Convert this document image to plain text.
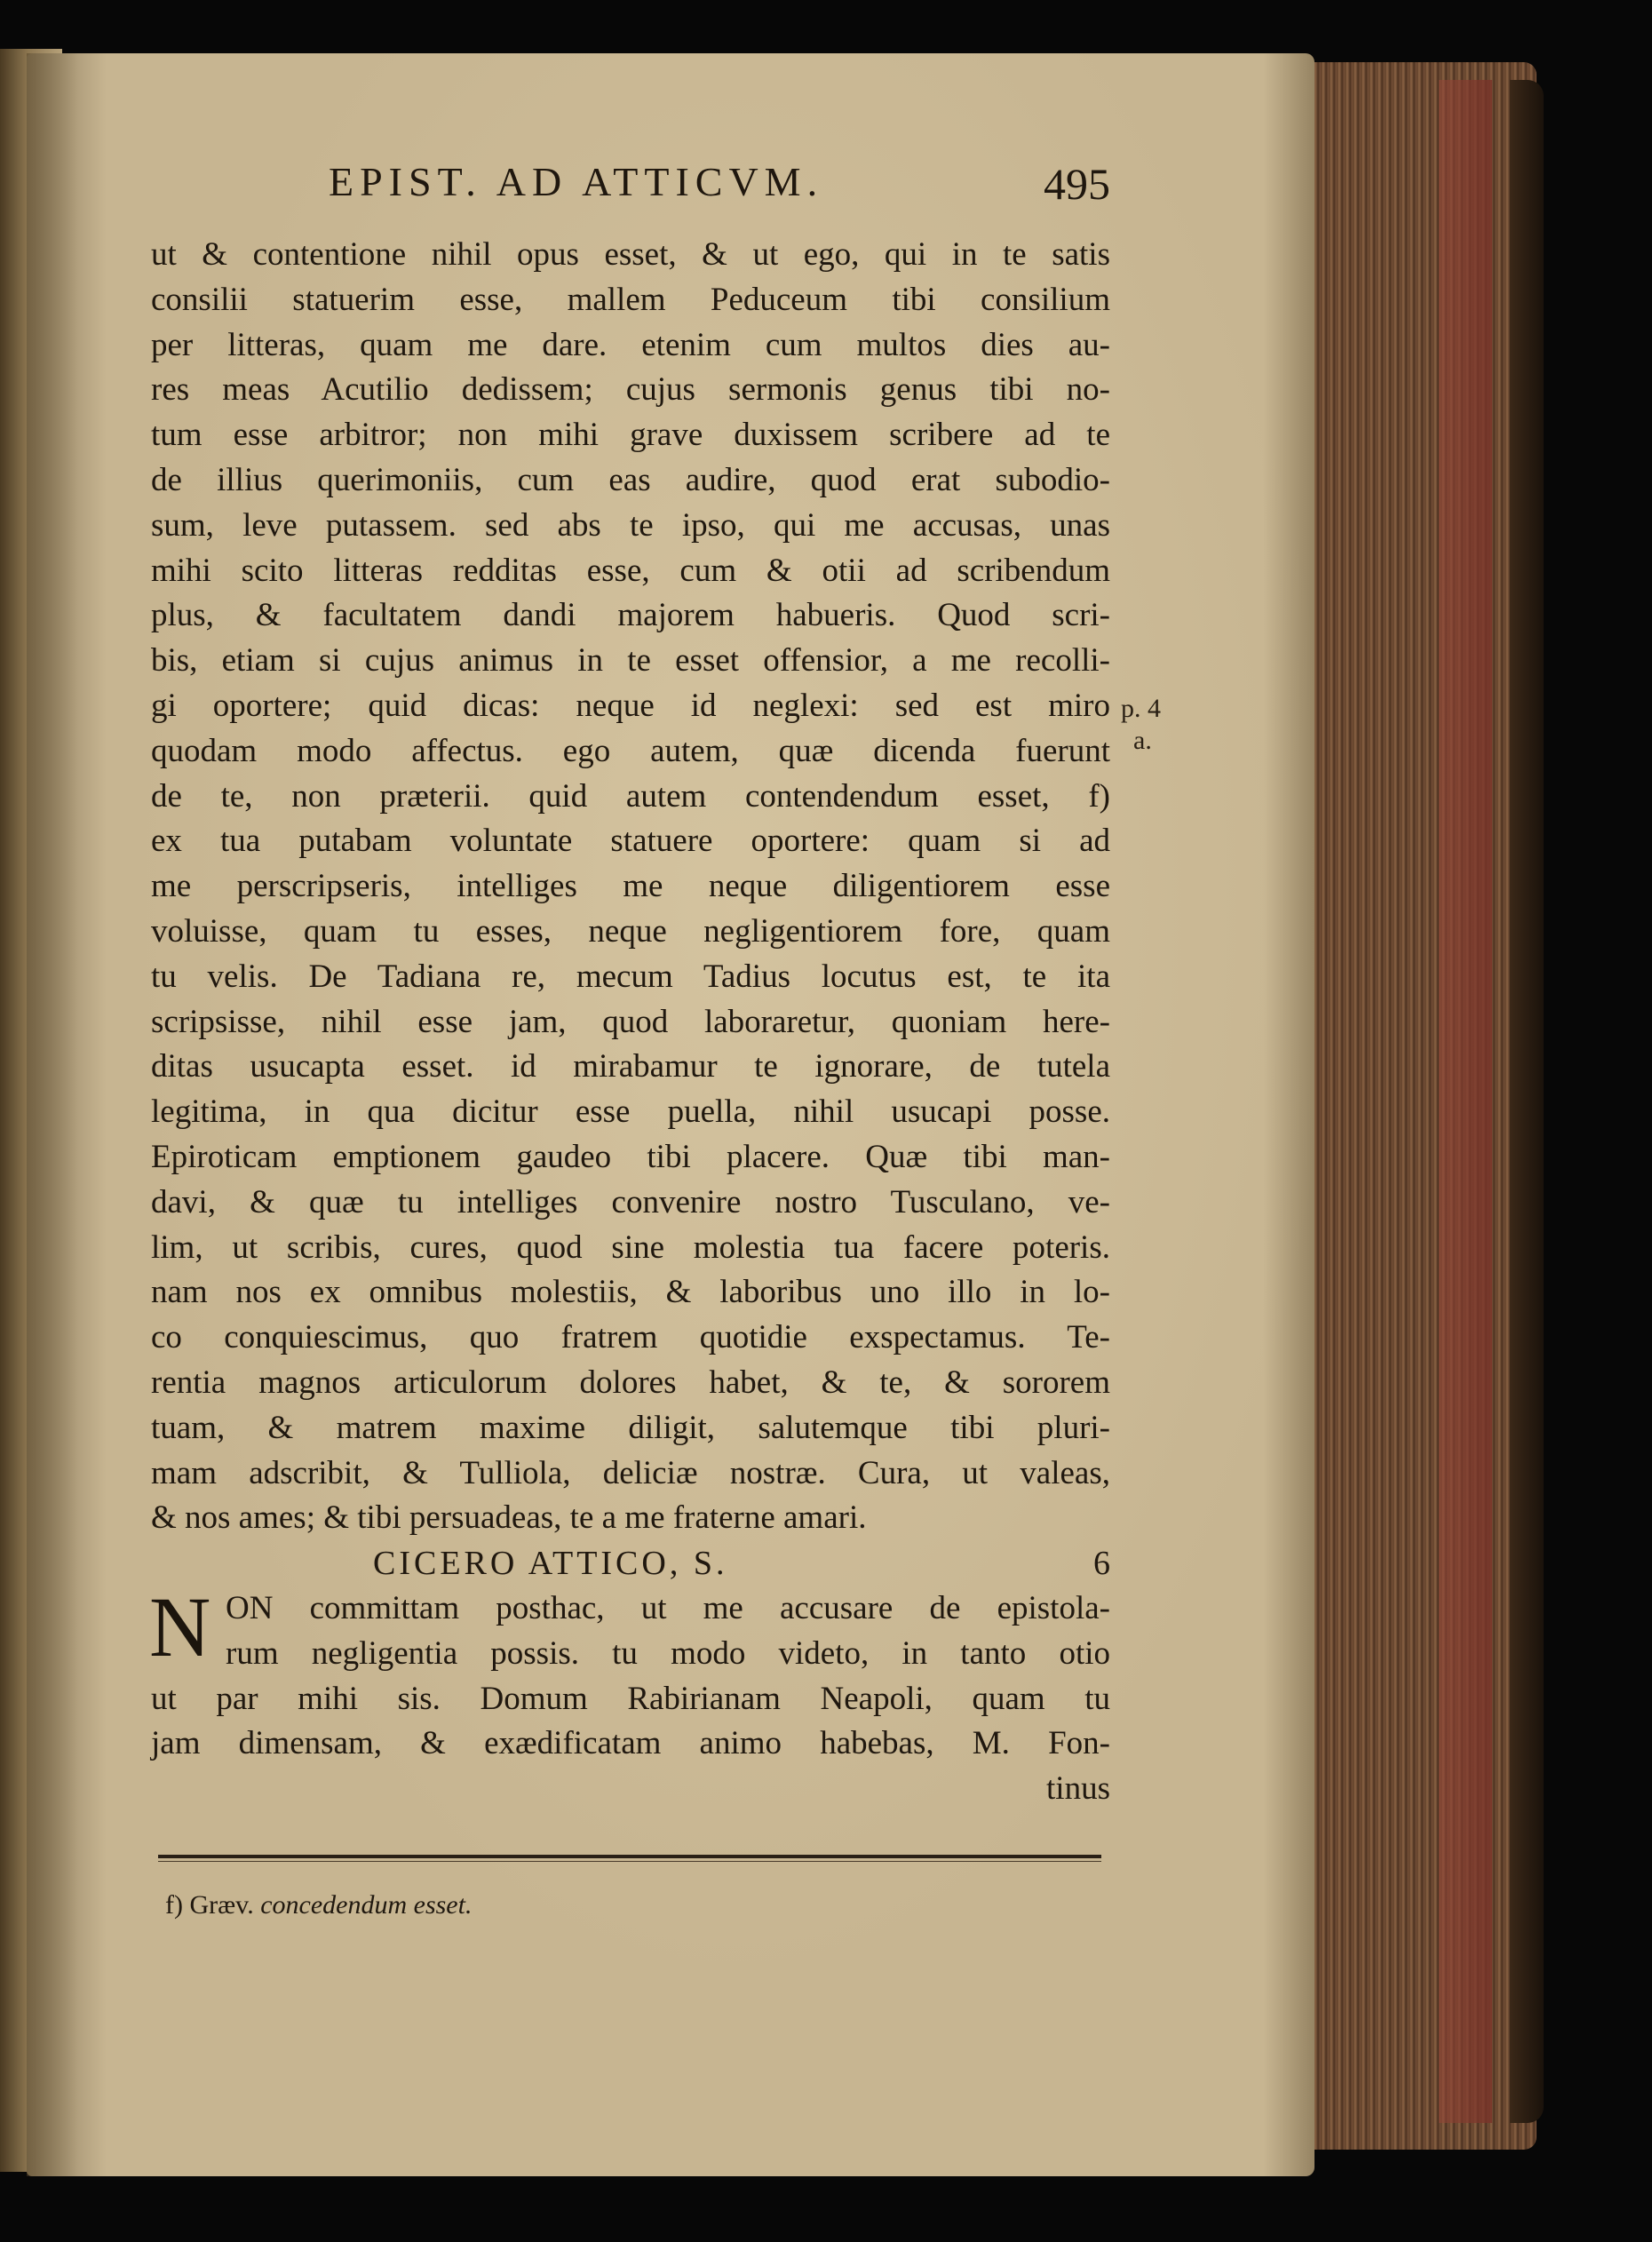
EPIST. AD ATTICVM.	495
ut & contentione nihil opus esset, & ut ego, qui in te satis
consilii statuerim esse, mallem Peduceum tibi consilium
per litteras, quam me dare. etenim cum multos dies au-
res meas Acutilio dedissem; cujus sermonis genus tibi no-
tum esse arbitror; non mihi grave duxissem scribere ad te
de illius querimoniis, cum eas audire, quod erat subodio-
sum, leve putassem. sed abs te ipso, qui me accusas, unas
mihi scito litteras redditas esse, cum & otii ad scribendum
plus, & facultatem dandi majorem habueris. Quod scri-
bis, etiam si cujus animus in te esset offensior, a me recolli-
gi oportere; quid dicas: neque id neglexi: sed est miro
quodam modo affectus. ego autem, quæ dicenda fuerunt
de te, non præterii. quid autem contendendum esset, f)
ex tua putabam voluntate statuere oportere: quam si ad
me perscripseris, intelliges me neque diligentiorem esse
voluisse, quam tu esses, neque negligentiorem fore, quam
tu velis. De Tadiana re, mecum Tadius locutus est, te ita
scripsisse, nihil esse jam, quod laboraretur, quoniam here-
ditas usucapta esset. id mirabamur te ignorare, de tutela
legitima, in qua dicitur esse puella, nihil usucapi posse.
Epiroticam emptionem gaudeo tibi placere. Quæ tibi man-
davi, & quæ tu intelliges convenire nostro Tusculano, ve-
lim, ut scribis, cures, quod sine molestia tua facere poteris.
nam nos ex omnibus molestiis, & laboribus uno illo in lo-
co conquiescimus, quo fratrem quotidie exspectamus. Te-
rentia magnos articulorum dolores habet, & te, & sororem
tuam, & matrem maxime diligit, salutemque tibi pluri-
mam adscribit, & Tulliola, deliciæ nostræ. Cura, ut valeas,
& nos ames; & tibi persuadeas, te a me fraterne amari.
CICERO ATTICO, S.	6
N ON committam posthac, ut me accusare de epistola-
rum negligentia possis. tu modo videto, in tanto otio
ut par mihi sis. Domum Rabirianam Neapoli, quam tu
jam dimensam, & exædificatam animo habebas, M. Fon-
tinus
p. 4
a.
f) Græv. concedendum esset.
